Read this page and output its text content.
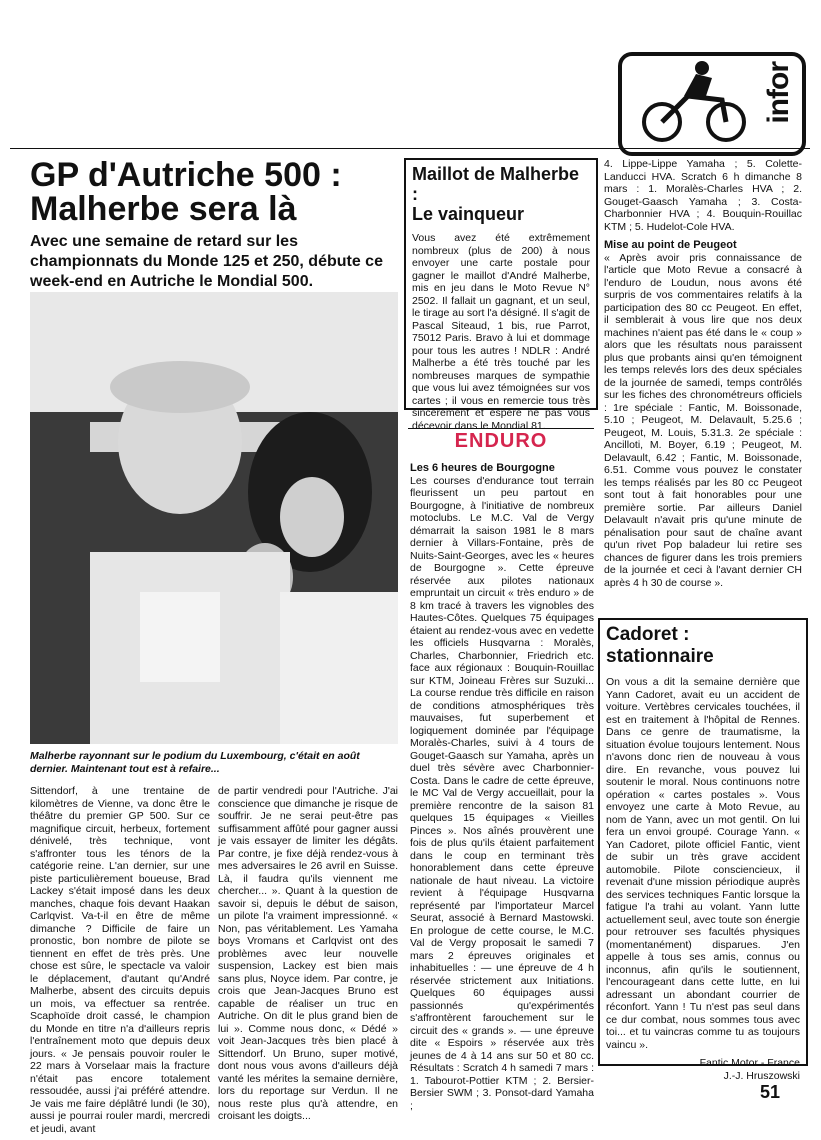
infor
GP d'Autriche 500 :
Malherbe sera là

Avec une semaine de retard sur les championnats du Monde 125 et 250, débute ce week-end en Autriche le Mondial 500.

Malherbe rayonnant sur le podium du Luxembourg, c'était en août dernier. Maintenant tout est à refaire...

Sittendorf, à une trentaine de kilomètres de Vienne, va donc être le théâtre du premier GP 500. Sur ce magnifique circuit, herbeux, fortement dénivelé, très technique, vont s'affronter tous les ténors de la catégorie reine. L'an dernier, sur une piste particulièrement boueuse, Brad Lackey s'était imposé dans les deux manches, chaque fois devant Haakan Carlqvist. Va-t-il en être de même dimanche ? Difficile de faire un pronostic, bon nombre de pilote se tiennent en effet de très près. Une chose est sûre, le spectacle va valoir le déplacement, d'autant qu'André Malherbe, absent des circuits depuis un mois, va effectuer sa rentrée. Scaphoïde droit cassé, le champion du Monde en titre n'a d'ailleurs repris l'entraînement moto que depuis deux jours. « Je pensais pouvoir rouler le 22 mars à Vorselaar mais la fracture n'était pas encore totalement ressoudée, aussi j'ai préféré attendre. Je vais me faire déplâtré lundi (le 30), aussi je pourrai rouler mardi, mercredi et jeudi, avant

de partir vendredi pour l'Autriche. J'ai conscience que dimanche je risque de souffrir. Je ne serai peut-être pas suffisamment affûté pour gagner aussi je vais essayer de limiter les dégâts. Par contre, je fixe déjà rendez-vous à mes adversaires le 26 avril en Suisse. Là, il faudra qu'ils viennent me chercher... ». Quant à la question de savoir si, depuis le début de saison, un pilote l'a vraiment impressionné. « Non, pas véritablement. Les Yamaha boys Vromans et Carlqvist ont des problèmes avec leur nouvelle suspension, Lackey est bien mais sans plus, Noyce idem. Par contre, je crois que Jean-Jacques Bruno est capable de réaliser un truc en Autriche. On dit le plus grand bien de lui ». Comme nous donc, « Dédé » voit Jean-Jacques très bien placé à Sittendorf. Un Bruno, super motivé, dont nous vous avons d'ailleurs déjà vanté les mérites la semaine dernière, lors du reportage sur Verdun. Il ne nous reste plus qu'à attendre, en croisant les doigts...

Maillot de Malherbe :
Le vainqueur
Vous avez été extrêmement nombreux (plus de 200) à nous envoyer une carte postale pour gagner le maillot d'André Malherbe, mis en jeu dans le Moto Revue N° 2502. Il fallait un gagnant, et un seul, le tirage au sort l'a désigné. Il s'agit de Pascal Siteaud, 1 bis, rue Parrot, 75012 Paris. Bravo à lui et dommage pour tous les autres ! NDLR : André Malherbe a été très touché par les nombreuses marques de sympathie que vous lui avez témoignées sur vos cartes ; il vous en remercie tous très sincèrement et espère ne pas vous décevoir dans le Mondial 81.
ENDURO

Les 6 heures de Bourgogne

Les courses d'endurance tout terrain fleurissent un peu partout en Bourgogne, à l'initiative de nombreux motoclubs. Le M.C. Val de Vergy démarrait la saison 1981 le 8 mars dernier à Villars-Fontaine, près de Nuits-Saint-Georges, avec les « heures de Bourgogne ». Cette épreuve réservée aux pilotes nationaux empruntait un circuit « très enduro » de 8 km tracé à travers les vignobles des Hautes-Côtes. Quelques 75 équipages étaient au rendez-vous avec en vedette les officiels Husqvarna : Moralès, Charles, Charbonnier, Friedrich etc. face aux régionaux : Bouquin-Rouillac sur KTM, Joineau Frères sur Suzuki... La course rendue très difficile en raison de conditions atmosphériques très mauvaises, fut superbement et logiquement dominée par l'équipage Moralès-Charles, suivi à 4 tours de Gouget-Gaasch sur Yamaha, après un duel très sévère avec Charbonnier-Costa. Dans le cadre de cette épreuve, le MC Val de Vergy accueillait, pour la première rencontre de la saison 81 quelques 15 équipages « Vieilles Pinces ». Nos aînés prouvèrent une fois de plus qu'ils étaient parfaitement dans le coup en terminant très honorablement dans cette épreuve nationale de haut niveau. La victoire revient à l'équipage Husqvarna représenté par l'importateur Marcel Seurat, associé à Bernard Mastowski. En prologue de cette course, le M.C. Val de Vergy proposait le samedi 7 mars 2 épreuves originales et inhabituelles : — une épreuve de 4 h réservée strictement aux Initiations. Quelques 60 équipages aussi passionnés qu'expérimentés s'affrontèrent farouchement sur le circuit des « grands ». — une épreuve dite « Espoirs » réservée aux très jeunes de 4 à 14 ans sur 50 et 80 cc. Résultats : Scratch 4 h samedi 7 mars : 1. Tabourot-Pottier KTM ; 2. Bersier-Bersier SWM ; 3. Ponsot-dard Yamaha ;

4. Lippe-Lippe Yamaha ; 5. Colette-Landucci HVA. Scratch 6 h dimanche 8 mars : 1. Moralès-Charles HVA ; 2. Gouget-Gaasch Yamaha ; 3. Costa-Charbonnier HVA ; 4. Bouquin-Rouillac KTM ; 5. Hudelot-Cole HVA.

Mise au point de Peugeot

« Après avoir pris connaissance de l'article que Moto Revue a consacré à l'enduro de Loudun, nous avons été surpris de vos commentaires relatifs à la participation des 80 cc Peugeot. En effet, il semblerait à vous lire que nos deux machines n'aient pas été dans le « coup » alors que les résultats nous paraissent plus que probants ainsi qu'en témoignent les temps relevés lors des deux spéciales de la journée de samedi, temps contrôlés sur les fiches des chronométreurs officiels : 1re spéciale : Fantic, M. Boissonade, 5.10 ; Peugeot, M. Delavault, 5.25.6 ; Peugeot, M. Louis, 5.31.3. 2e spéciale : Ancilloti, M. Boyer, 6.19 ; Peugeot, M. Delavault, 6.42 ; Fantic, M. Boissonade, 6.51. Comme vous pouvez le constater les temps réalisés par les 80 cc Peugeot sont tout à fait honorables pour une première sortie. Par ailleurs Daniel Delavault n'avait pris qu'une minute de pénalisation pour saut de chaîne avant qu'un rivet Pop baladeur lui retire ses chances de figurer dans les trois premiers de la journée et ceci à l'avant dernier CH après 4 h 30 de course ».

Cadoret :
stationnaire

On vous a dit la semaine dernière que Yann Cadoret, avait eu un accident de voiture. Vertèbres cervicales touchées, il est en traitement à l'hôpital de Rennes. Dans ce genre de traumatisme, la situation évolue toujours lentement. Nous n'avons donc rien de nouveau à vous dire. En revanche, vous pouvez lui soutenir le moral. Nous continuons notre opération « cartes postales ». Vous envoyez une carte à Moto Revue, au nom de Yann, avec un mot gentil. On lui fera un envoi groupé. Courage Yann. « Yan Cadoret, pilote officiel Fantic, vient de subir un très grave accident automobile. Pilote consciencieux, il revenait d'une mission périodique auprès des services techniques Fantic lorsque la fatigue l'a trahi au volant. Yann lutte actuellement seul, avec toute son énergie pour retrouver ses facultés physiques (momentanément) disparues. J'en appelle à tous ses amis, connus ou inconnus, afin qu'ils le soutiennent, l'encourageant dans cette lutte, en lui adressant un abondant courrier de réconfort. Yann ! Tu n'est pas seul dans ce dur combat, nous sommes tous avec toi... et tu vaincras comme tu as toujours vaincu ».

Fantic Motor - France

J.-J. Hruszowski

51
